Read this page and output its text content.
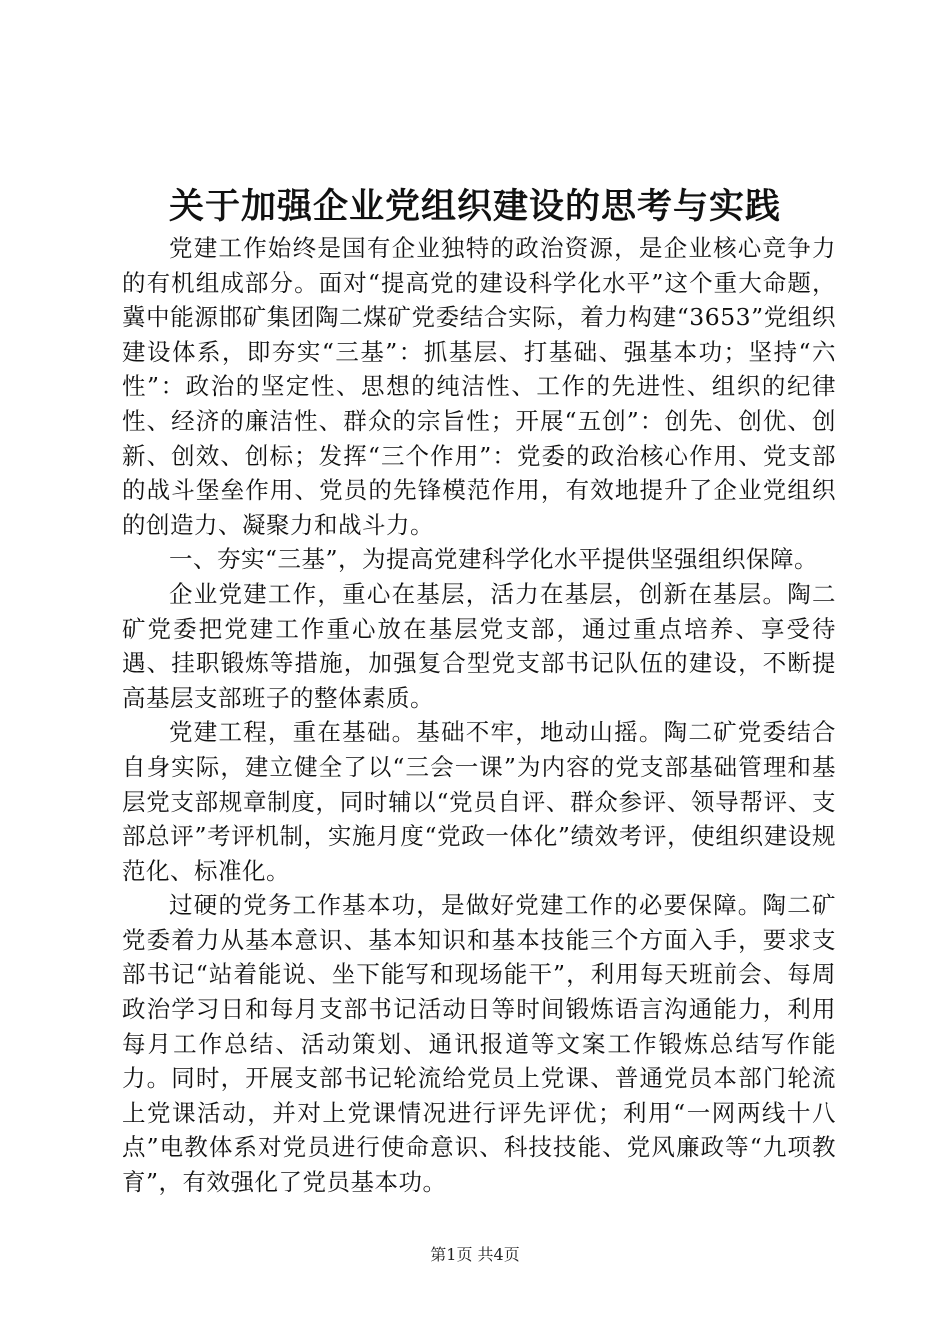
关于加强企业党组织建设的思考与实践

党建工作始终是国有企业独特的政治资源，是企业核心竞争力的有机组成部分。面对“提高党的建设科学化水平”这个重大命题，冀中能源邯矿集团陶二煤矿党委结合实际，着力构建“3653”党组织建设体系，即夯实“三基”：抓基层、打基础、强基本功；坚持“六性”：政治的坚定性、思想的纯洁性、工作的先进性、组织的纪律性、经济的廉洁性、群众的宗旨性；开展“五创”：创先、创优、创新、创效、创标；发挥“三个作用”：党委的政治核心作用、党支部的战斗堡垒作用、党员的先锋模范作用，有效地提升了企业党组织的创造力、凝聚力和战斗力。

一、夯实“三基”，为提高党建科学化水平提供坚强组织保障。

企业党建工作，重心在基层，活力在基层，创新在基层。陶二矿党委把党建工作重心放在基层党支部，通过重点培养、享受待遇、挂职锻炼等措施，加强复合型党支部书记队伍的建设，不断提高基层支部班子的整体素质。

党建工程，重在基础。基础不牢，地动山摇。陶二矿党委结合自身实际，建立健全了以“三会一课”为内容的党支部基础管理和基层党支部规章制度，同时辅以“党员自评、群众参评、领导帮评、支部总评”考评机制，实施月度“党政一体化”绩效考评，使组织建设规范化、标准化。

过硬的党务工作基本功，是做好党建工作的必要保障。陶二矿党委着力从基本意识、基本知识和基本技能三个方面入手，要求支部书记“站着能说、坐下能写和现场能干”，利用每天班前会、每周政治学习日和每月支部书记活动日等时间锻炼语言沟通能力，利用每月工作总结、活动策划、通讯报道等文案工作锻炼总结写作能力。同时，开展支部书记轮流给党员上党课、普通党员本部门轮流上党课活动，并对上党课情况进行评先评优；利用“一网两线十八点”电教体系对党员进行使命意识、科技技能、党风廉政等“九项教育”，有效强化了党员基本功。

第1页 共4页
